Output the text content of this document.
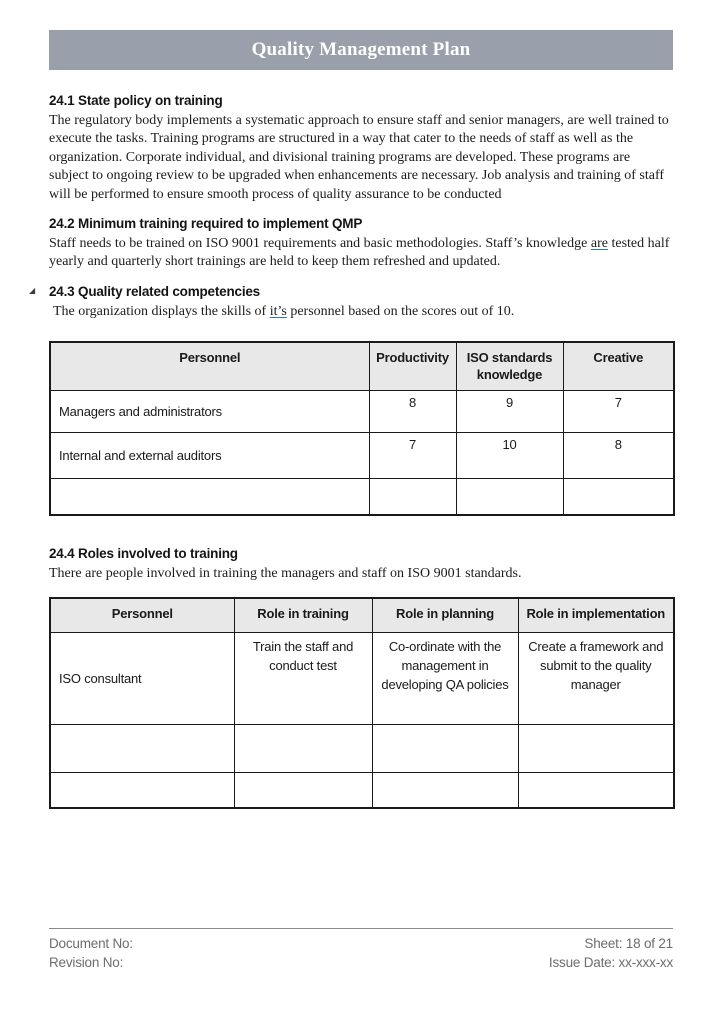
Quality Management Plan
24.1 State policy on training

The regulatory body implements a systematic approach to ensure staff and senior managers, are well trained to execute the tasks. Training programs are structured in a way that cater to the needs of staff as well as the organization. Corporate individual, and divisional training programs are developed. These programs are subject to ongoing review to be upgraded when enhancements are necessary. Job analysis and training of staff will be performed to ensure smooth process of quality assurance to be conducted

24.2 Minimum training required to implement QMP

Staff needs to be trained on ISO 9001 requirements and basic methodologies. Staff’s knowledge are tested half yearly and quarterly short trainings are held to keep them refreshed and updated.

◢ 24.3 Quality related competencies

The organization displays the skills of it’s personnel based on the scores out of 10.

Personnel	Productivity	ISO standards knowledge	Creative
Managers and administrators	8	9	7
Internal and external auditors	7	10	8

24.4 Roles involved to training

There are people involved in training the managers and staff on ISO 9001 standards.

Personnel	Role in training	Role in planning	Role in implementation
ISO consultant	Train the staff and conduct test	Co-ordinate with the management in developing QA policies	Create a framework and submit to the quality manager

Document No:
Revision No:
Sheet: 18 of 21
Issue Date: xx-xxx-xx
